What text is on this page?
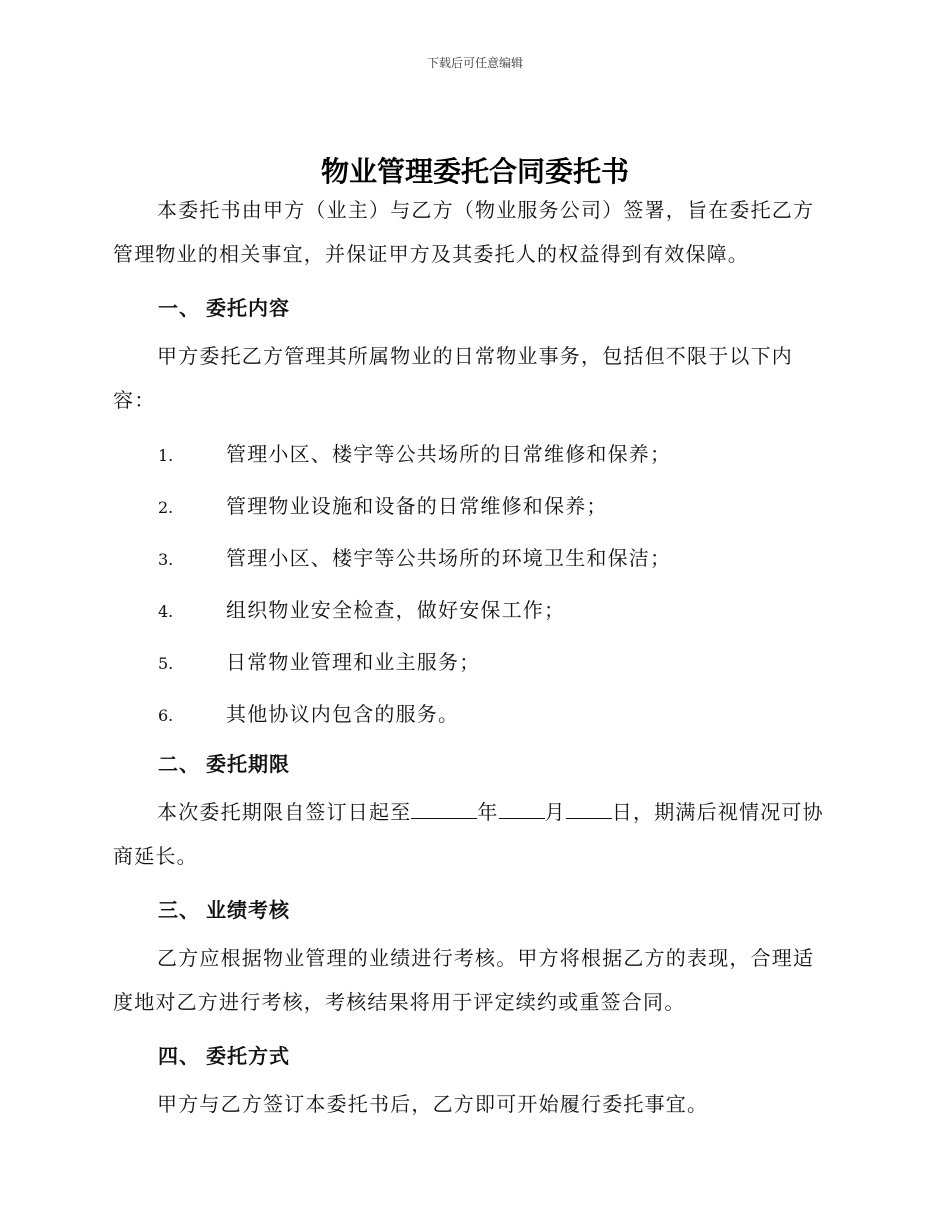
下载后可任意编辑
物业管理委托合同委托书
本委托书由甲方（业主）与乙方（物业服务公司）签署，旨在委托乙方管理物业的相关事宜，并保证甲方及其委托人的权益得到有效保障。
一、 委托内容
甲方委托乙方管理其所属物业的日常物业事务，包括但不限于以下内容：
1.	管理小区、楼宇等公共场所的日常维修和保养；
2.	管理物业设施和设备的日常维修和保养；
3.	管理小区、楼宇等公共场所的环境卫生和保洁；
4.	组织物业安全检查，做好安保工作；
5.	日常物业管理和业主服务；
6.	其他协议内包含的服务。
二、 委托期限
本次委托期限自签订日起至	年 月 日，期满后视情况可协商延长。
三、 业绩考核
乙方应根据物业管理的业绩进行考核。甲方将根据乙方的表现，合理适度地对乙方进行考核，考核结果将用于评定续约或重签合同。
四、 委托方式
甲方与乙方签订本委托书后，乙方即可开始履行委托事宜。
